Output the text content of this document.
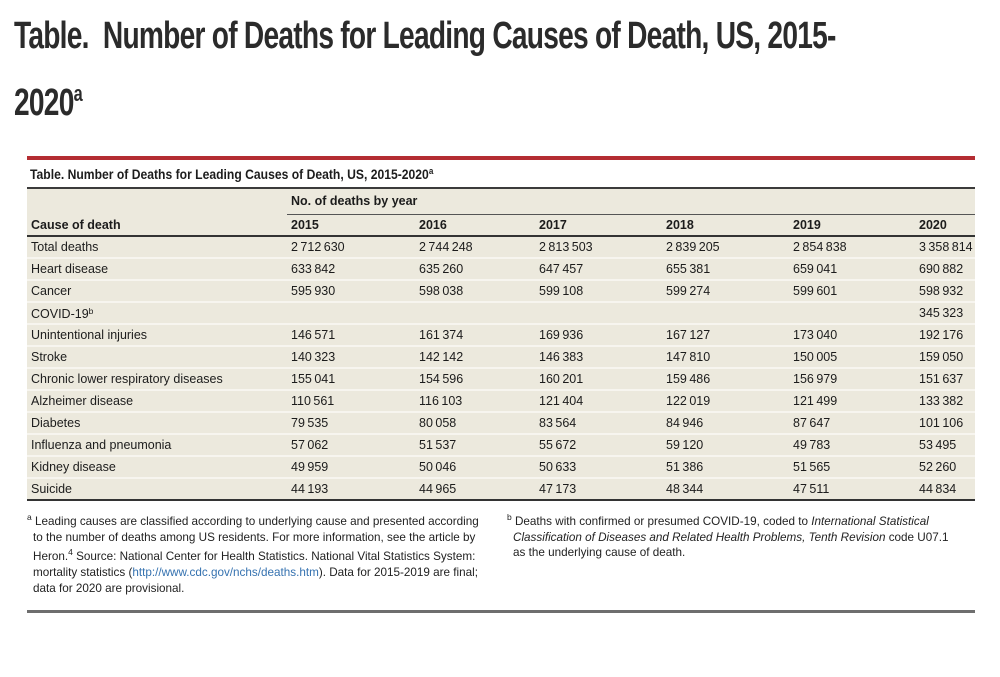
Table.  Number of Deaths for Leading Causes of Death, US, 2015-
2020$^a$
Table. Number of Deaths for Leading Causes of Death, US, 2015-2020$^a$
	No. of deaths by year					
Cause of death	2015	2016	2017	2018	2019	2020
Total deaths	2 712 630	2 744 248	2 813 503	2 839 205	2 854 838	3 358 814
Heart disease	633 842	635 260	647 457	655 381	659 041	690 882
Cancer	595 930	598 038	599 108	599 274	599 601	598 932
COVID-19$^b$						345 323
Unintentional injuries	146 571	161 374	169 936	167 127	173 040	192 176
Stroke	140 323	142 142	146 383	147 810	150 005	159 050
Chronic lower respiratory diseases	155 041	154 596	160 201	159 486	156 979	151 637
Alzheimer disease	110 561	116 103	121 404	122 019	121 499	133 382
Diabetes	79 535	80 058	83 564	84 946	87 647	101 106
Influenza and pneumonia	57 062	51 537	55 672	59 120	49 783	53 495
Kidney disease	49 959	50 046	50 633	51 386	51 565	52 260
Suicide	44 193	44 965	47 173	48 344	47 511	44 834

$^a$ Leading causes are classified according to underlying cause and presented according to the number of deaths among US residents. For more information, see the article by Heron.$^4$ Source: National Center for Health Statistics. National Vital Statistics System: mortality statistics (http://www.cdc.gov/nchs/deaths.htm). Data for 2015-2019 are final; data for 2020 are provisional.

$^b$ Deaths with confirmed or presumed COVID-19, coded to International Statistical Classification of Diseases and Related Health Problems, Tenth Revision code U07.1 as the underlying cause of death.
